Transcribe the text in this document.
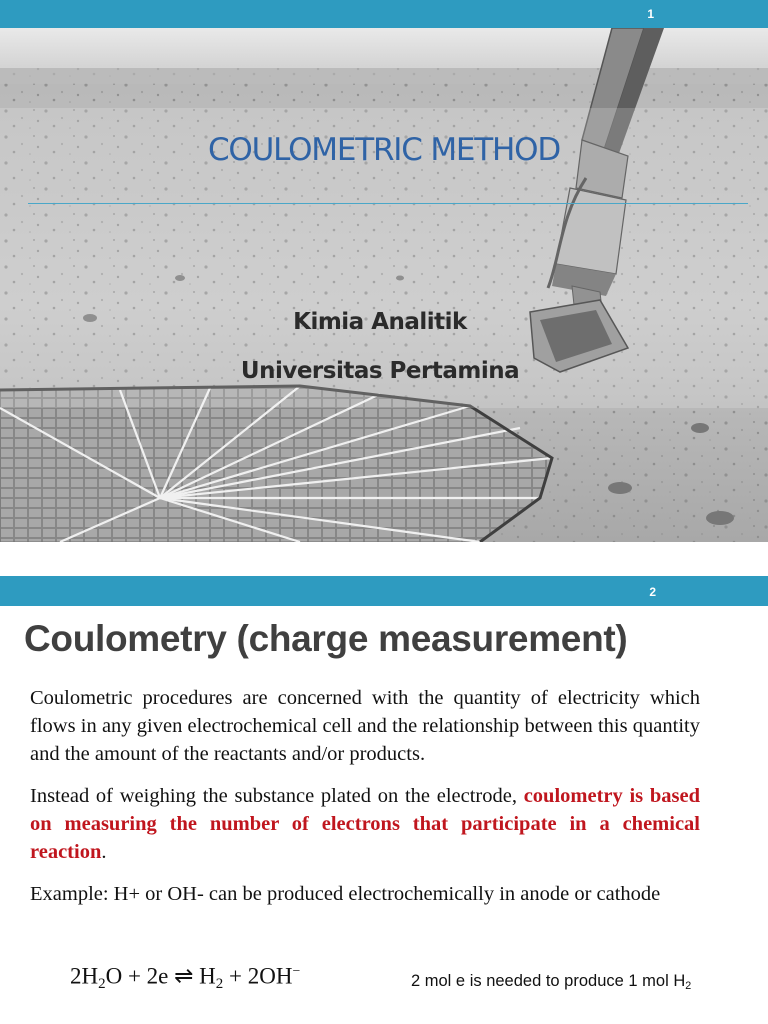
1
COULOMETRIC METHOD
Kimia Analitik
Universitas Pertamina
2
Coulometry (charge measurement)

Coulometric procedures are concerned with the quantity of electricity which flows in any given electrochemical cell and the relationship between this quantity and the amount of the reactants and/or products.

Instead of weighing the substance plated on the electrode, coulometry is based on measuring the number of electrons that participate in a chemical reaction.

Example: H+ or OH- can be produced electrochemically in anode or cathode

$2H_2O + 2e$ ⇌ $H_2 + 2OH^-$
2 mol e is needed to produce 1 mol $H_2$
